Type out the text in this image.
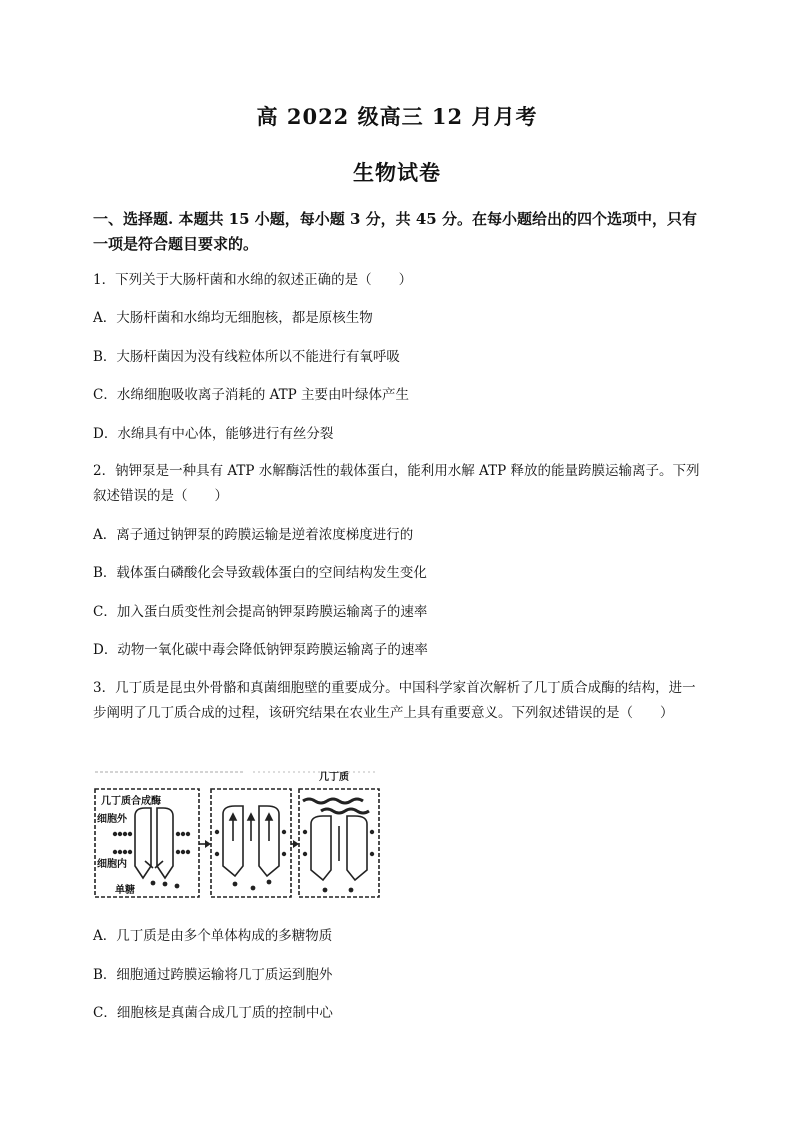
高 2022 级高三 12 月月考
生物试卷
一、选择题. 本题共 15 小题，每小题 3 分，共 45 分。在每小题给出的四个选项中，只有一项是符合题目要求的。
1．下列关于大肠杆菌和水绵的叙述正确的是（　　）
A．大肠杆菌和水绵均无细胞核，都是原核生物
B．大肠杆菌因为没有线粒体所以不能进行有氧呼吸
C．水绵细胞吸收离子消耗的 ATP 主要由叶绿体产生
D．水绵具有中心体，能够进行有丝分裂
2．钠钾泵是一种具有 ATP 水解酶活性的载体蛋白，能利用水解 ATP 释放的能量跨膜运输离子。下列叙述错误的是（　　）
A．离子通过钠钾泵的跨膜运输是逆着浓度梯度进行的
B．载体蛋白磷酸化会导致载体蛋白的空间结构发生变化
C．加入蛋白质变性剂会提高钠钾泵跨膜运输离子的速率
D．动物一氧化碳中毒会降低钠钾泵跨膜运输离子的速率
3．几丁质是昆虫外骨骼和真菌细胞壁的重要成分。中国科学家首次解析了几丁质合成酶的结构，进一步阐明了几丁质合成的过程，该研究结果在农业生产上具有重要意义。下列叙述错误的是（　　）
几丁质合成酶
细胞外
细胞内
单糖
几丁质
A．几丁质是由多个单体构成的多糖物质
B．细胞通过跨膜运输将几丁质运到胞外
C．细胞核是真菌合成几丁质的控制中心
